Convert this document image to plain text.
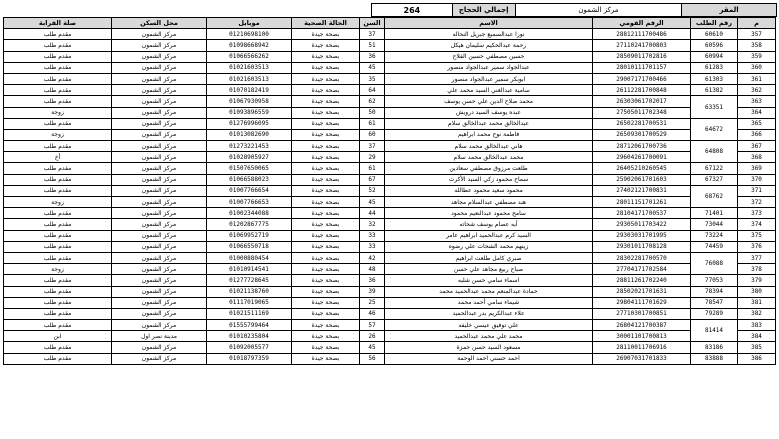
264	إجمالي الحجاج	مركز الشمون	المقر
م	رقم الطلب	الرقم القومي	الاسم	السن	الحالة الصحية	موبايل	محل السكن	صلة القرابة
357	60610	28812111700486	نورا عبدالسميع جبريل النحاله	37	بصحة جيدة	01210698100	مركز الشمون	مقدم طلب
358	60596	27110241700803	رحمة عبدالحكيم سليمان هيكل	51	بصحة جيدة	01098668942	مركز الشمون	مقدم طلب
359	60994	28509011702816	حسين مصطفي حسين الفلاح	36	بصحة جيدة	01066566262	مركز الشمون	مقدم طلب
360	61283	28010111701157	عبدالجواد سمير عبدالجواد منصور	45	بصحة جيدة	01021603513	مركز الشمون	مقدم طلب
361	61303	29007171700466	ابوبكر سمير عبدالجواد منصور	35	بصحة جيدة	01021603513	مركز الشمون	مقدم طلب
362	61382	26112281700848	سامية عبدالغني السيد محمد علي	64	بصحة جيدة	01070182419	مركز الشمون	مقدم طلب
363	63351	26303061702017	محمد صلاح الدين علي حسن يوسف	62	بصحة جيدة	01067930958	مركز الشمون	مقدم طلب
364		27505011702348	عبده يوسف السيد درويش	50	بصحة جيدة	01093896559	مركز الشمون	زوجة
365	64672	26502281700531	عبدالخالق محمد عبدالخالق سلام	61	بصحة جيدة	01276996095	مركز الشمون	مقدم طلب
366		26509301700529	فاطمة نوح محمد ابراهيم	60	بصحة جيدة	01013082690	مركز الشمون	زوجة
367	64808	28712061700736	هاني عبدالخالق محمد سلام	37	بصحة جيدة	01273221453	مركز الشمون	مقدم طلب
368		29604261700091	محمد عبدالخالق محمد سلام	29	بصحة جيدة	01028905927	مركز الشمون	أخ
369	67122	26405210260545	طلعت مرزوق مصطفي سعادين	61	بصحة جيدة	01507650065	مركز الشمون	مقدم طلب
370	67327	25902061701603	سماح محمود زكي السيد الأكرت	67	بصحة جيدة	01066588023	مركز الشمون	مقدم طلب
371	68762	27402121700831	محمود سعيد محمود عطالله	52	بصحة جيدة	01007766654	مركز الشمون	مقدم طلب
372		28011151701261	هند مصطفي عبدالسلام مجاهد	45	بصحة جيدة	01007766653	مركز الشمون	زوجة
373	71401	28104171700537	سامح محمود عبدالنعيم محمود	44	بصحة جيدة	01002344088	مركز الشمون	مقدم طلب
374	73044	29305011703422	أيه عصام يوسف شحاته	32	بصحة جيدة	01202867775	مركز الشمون	مقدم طلب
375	73224	29303031701995	السيد كرم عبدالحميد ابراهيم عامر	33	بصحة جيدة	01069952719	مركز الشمون	مقدم طلب
376	74459	29301011708128	زينهم محمد الشحات علي رضوه	33	بصحة جيدة	01066550718	مركز الشمون	مقدم طلب
377	76088	28302281700570	صبري كامل طلعت ابراهيم	42	بصحة جيدة	01000880454	مركز الشمون	مقدم طلب
378		27704171702584	صباح ربيع مجاهد علي حسن	48	بصحة جيدة	01010914541	مركز الشمون	زوجة
379	77053	28811261702240	اسماء سامي حسن شلبه	36	بصحة جيدة	01277728645	مركز الشمون	مقدم طلب
380	78394	28502021701631	حمادة عبدالمنعم محمد عبدالحميد محمد	39	بصحة جيدة	01021138760	مركز الشمون	مقدم طلب
381	78547	29804111701629	شيماء سامي أحمد محمد	25	بصحة جيدة	01117019065	مركز الشمون	مقدم طلب
382	79289	27710301700851	علاء عبدالكريم بدر عبدالحميد	46	بصحة جيدة	01021511169	مركز الشمون	مقدم طلب
383	81414	26804121700387	علي توفيق عيسي خليفه	57	بصحة جيدة	01555799464	مركز الشمون	مقدم طلب
384		30001101700813	محمد علي محمد عبدالحميد	26	بصحة جيدة	01010235804	مدينة نصر اول	ابن
385	83186	28110011706916	مسعود السيد حسن حمزة	45	بصحة جيدة	01092005577	مركز الشمون	مقدم طلب
386	83888	26907031701833	احمد حسني احمد الوحمة	56	بصحة جيدة	01018797359	مركز الشمون	مقدم طلب
